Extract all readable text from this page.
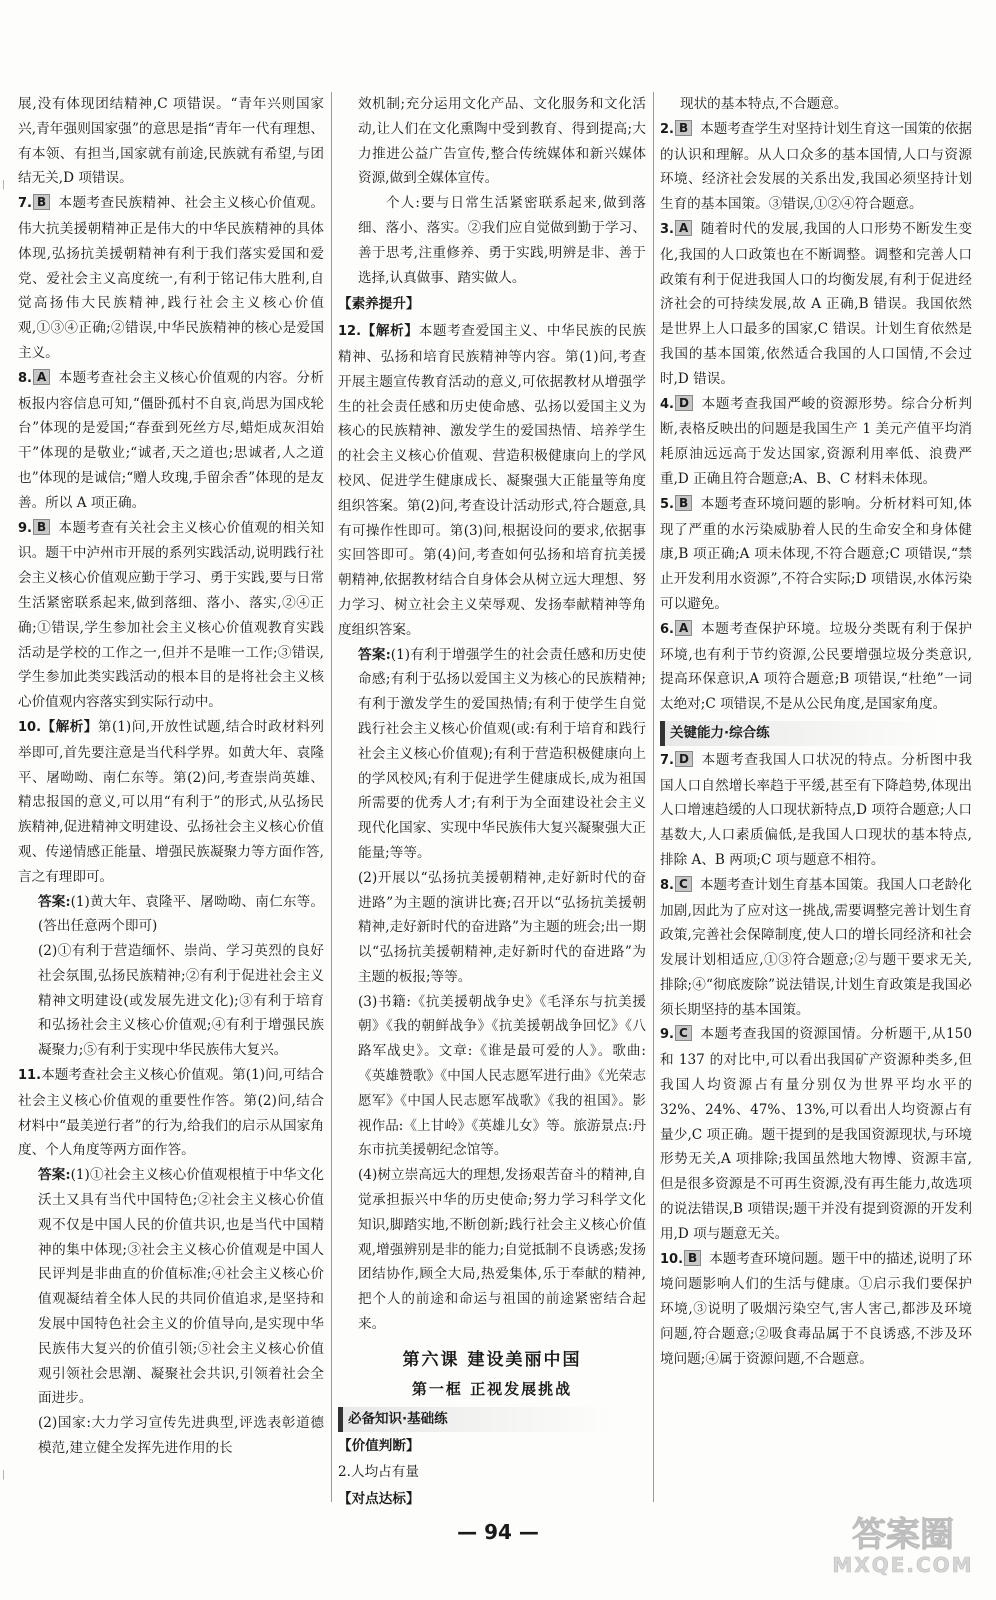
|
|

展,没有体现团结精神,C 项错误。“青年兴则国家兴,青年强则国家强”的意思是指“青年一代有理想、有本领、有担当,国家就有前途,民族就有希望,与团结无关,D 项错误。

7. B 本题考查民族精神、社会主义核心价值观。伟大抗美援朝精神正是伟大的中华民族精神的具体体现,弘扬抗美援朝精神有利于我们落实爱国和爱党、爱社会主义高度统一,有利于铭记伟大胜利,自觉高扬伟大民族精神,践行社会主义核心价值观,①③④正确;②错误,中华民族精神的核心是爱国主义。

8. A 本题考查社会主义核心价值观的内容。分析板报内容信息可知,“僵卧孤村不自哀,尚思为国戍轮台”体现的是爱国;“春蚕到死丝方尽,蜡炬成灰泪始干”体现的是敬业;“诚者,天之道也;思诚者,人之道也”体现的是诚信;“赠人玫瑰,手留余香”体现的是友善。所以 A 项正确。

9. B 本题考查有关社会主义核心价值观的相关知识。题干中泸州市开展的系列实践活动,说明践行社会主义核心价值观应勤于学习、勇于实践,要与日常生活紧密联系起来,做到落细、落小、落实,②④正确;①错误,学生参加社会主义核心价值观教育实践活动是学校的工作之一,但并不是唯一工作;③错误,学生参加此类实践活动的根本目的是将社会主义核心价值观内容落实到实际行动中。

10.【解析】第(1)问,开放性试题,结合时政材料列举即可,首先要注意是当代科学界。如黄大年、袁隆平、屠呦呦、南仁东等。第(2)问,考查崇尚英雄、精忠报国的意义,可以用“有利于”的形式,从弘扬民族精神,促进精神文明建设、弘扬社会主义核心价值观、传递情感正能量、增强民族凝聚力等方面作答,言之有理即可。

答案:(1)黄大年、袁隆平、屠呦呦、南仁东等。(答出任意两个即可)

(2)①有利于营造缅怀、崇尚、学习英烈的良好社会氛围,弘扬民族精神;②有利于促进社会主义精神文明建设(或发展先进文化);③有利于培育和弘扬社会主义核心价值观;④有利于增强民族凝聚力;⑤有利于实现中华民族伟大复兴。

11.本题考查社会主义核心价值观。第(1)问,可结合社会主义核心价值观的重要性作答。第(2)问,结合材料中“最美逆行者”的行为,给我们的启示从国家角度、个人角度等两方面作答。

答案:(1)①社会主义核心价值观根植于中华文化沃土又具有当代中国特色;②社会主义核心价值观不仅是中国人民的价值共识,也是当代中国精神的集中体现;③社会主义核心价值观是中国人民评判是非曲直的价值标准;④社会主义核心价值观凝结着全体人民的共同价值追求,是坚持和发展中国特色社会主义的价值导向,是实现中华民族伟大复兴的价值引领;⑤社会主义核心价值观引领社会思潮、凝聚社会共识,引领着社会全面进步。

(2)国家:大力学习宣传先进典型,评选表彰道德模范,建立健全发挥先进作用的长

效机制;充分运用文化产品、文化服务和文化活动,让人们在文化熏陶中受到教育、得到提高;大力推进公益广告宣传,整合传统媒体和新兴媒体资源,做到全媒体宣传。

个人:要与日常生活紧密联系起来,做到落细、落小、落实。②我们应自觉做到勤于学习、善于思考,注重修养、勇于实践,明辨是非、善于选择,认真做事、踏实做人。

【素养提升】

12.【解析】本题考查爱国主义、中华民族的民族精神、弘扬和培育民族精神等内容。第(1)问,考查开展主题宣传教育活动的意义,可依据教材从增强学生的社会责任感和历史使命感、弘扬以爱国主义为核心的民族精神、激发学生的爱国热情、培养学生的社会主义核心价值观、营造积极健康向上的学风校风、促进学生健康成长、凝聚强大正能量等角度组织答案。第(2)问,考查设计活动形式,符合题意,具有可操作性即可。第(3)问,根据设问的要求,依据事实回答即可。第(4)问,考查如何弘扬和培育抗美援朝精神,依据教材结合自身体会从树立远大理想、努力学习、树立社会主义荣辱观、发扬奉献精神等角度组织答案。

答案:(1)有利于增强学生的社会责任感和历史使命感;有利于弘扬以爱国主义为核心的民族精神;有利于激发学生的爱国热情;有利于使学生自觉践行社会主义核心价值观(或:有利于培育和践行社会主义核心价值观);有利于营造积极健康向上的学风校风;有利于促进学生健康成长,成为祖国所需要的优秀人才;有利于为全面建设社会主义现代化国家、实现中华民族伟大复兴凝聚强大正能量;等等。

(2)开展以“弘扬抗美援朝精神,走好新时代的奋进路”为主题的演讲比赛;召开以“弘扬抗美援朝精神,走好新时代的奋进路”为主题的班会;出一期以“弘扬抗美援朝精神,走好新时代的奋进路”为主题的板报;等等。

(3)书籍:《抗美援朝战争史》《毛泽东与抗美援朝》《我的朝鲜战争》《抗美援朝战争回忆》《八路军战史》。文章:《谁是最可爱的人》。歌曲:《英雄赞歌》《中国人民志愿军进行曲》《光荣志愿军》《中国人民志愿军战歌》《我的祖国》。影视作品:《上甘岭》《英雄儿女》等。旅游景点:丹东市抗美援朝纪念馆等。

(4)树立崇高远大的理想,发扬艰苦奋斗的精神,自觉承担振兴中华的历史使命;努力学习科学文化知识,脚踏实地,不断创新;践行社会主义核心价值观,增强辨别是非的能力;自觉抵制不良诱惑;发扬团结协作,顾全大局,热爱集体,乐于奉献的精神,把个人的前途和命运与祖国的前途紧密结合起来。

第六课 建设美丽中国
第一框 正视发展挑战
必备知识·基础练

【价值判断】

2.人均占有量

【对点达标】

现状的基本特点,不合题意。

2. B 本题考查学生对坚持计划生育这一国策的依据的认识和理解。从人口众多的基本国情,人口与资源环境、经济社会发展的关系出发,我国必须坚持计划生育的基本国策。③错误,①②④符合题意。

3. A 随着时代的发展,我国的人口形势不断发生变化,我国的人口政策也在不断调整。调整和完善人口政策有利于促进我国人口的均衡发展,有利于促进经济社会的可持续发展,故 A 正确,B 错误。我国依然是世界上人口最多的国家,C 错误。计划生育依然是我国的基本国策,依然适合我国的人口国情,不会过时,D 错误。

4. D 本题考查我国严峻的资源形势。综合分析判断,表格反映出的问题是我国生产 1 美元产值平均消耗原油远远高于发达国家,资源利用率低、浪费严重,D 正确且符合题意;A、B、C 材料未体现。

5. B 本题考查环境问题的影响。分析材料可知,体现了严重的水污染威胁着人民的生命安全和身体健康,B 项正确;A 项未体现,不符合题意;C 项错误,“禁止开发利用水资源”,不符合实际;D 项错误,水体污染可以避免。

6. A 本题考查保护环境。垃圾分类既有利于保护环境,也有利于节约资源,公民要增强垃圾分类意识,提高环保意识,A 项符合题意;B 项错误,“杜绝”一词太绝对;C 项错误,不是从公民角度,是国家角度。

关键能力·综合练

7. D 本题考查我国人口状况的特点。分析图中我国人口自然增长率趋于平缓,甚至有下降趋势,体现出人口增速趋缓的人口现状新特点,D 项符合题意;人口基数大,人口素质偏低,是我国人口现状的基本特点,排除 A、B 两项;C 项与题意不相符。

8. C 本题考查计划生育基本国策。我国人口老龄化加剧,因此为了应对这一挑战,需要调整完善计划生育政策,完善社会保障制度,使人口的增长同经济和社会发展计划相适应,①③符合题意;②与题干要求无关,排除;④“彻底废除”说法错误,计划生育政策是我国必须长期坚持的基本国策。

9. C 本题考查我国的资源国情。分析题干,从150 和 137 的对比中,可以看出我国矿产资源种类多,但我国人均资源占有量分别仅为世界平均水平的 32%、24%、47%、13%,可以看出人均资源占有量少,C 项正确。题干提到的是我国资源现状,与环境形势无关,A 项排除;我国虽然地大物博、资源丰富,但是很多资源是不可再生资源,没有再生能力,故选项的说法错误,B 项错误;题干并没有提到资源的开发利用,D 项与题意无关。

10. B 本题考查环境问题。题干中的描述,说明了环境问题影响人们的生活与健康。①启示我们要保护环境,③说明了吸烟污染空气,害人害己,都涉及环境问题,符合题意;②吸食毒品属于不良诱惑,不涉及环境问题;④属于资源问题,不合题意。

— 94 —	答案圈
MXQE.COM
